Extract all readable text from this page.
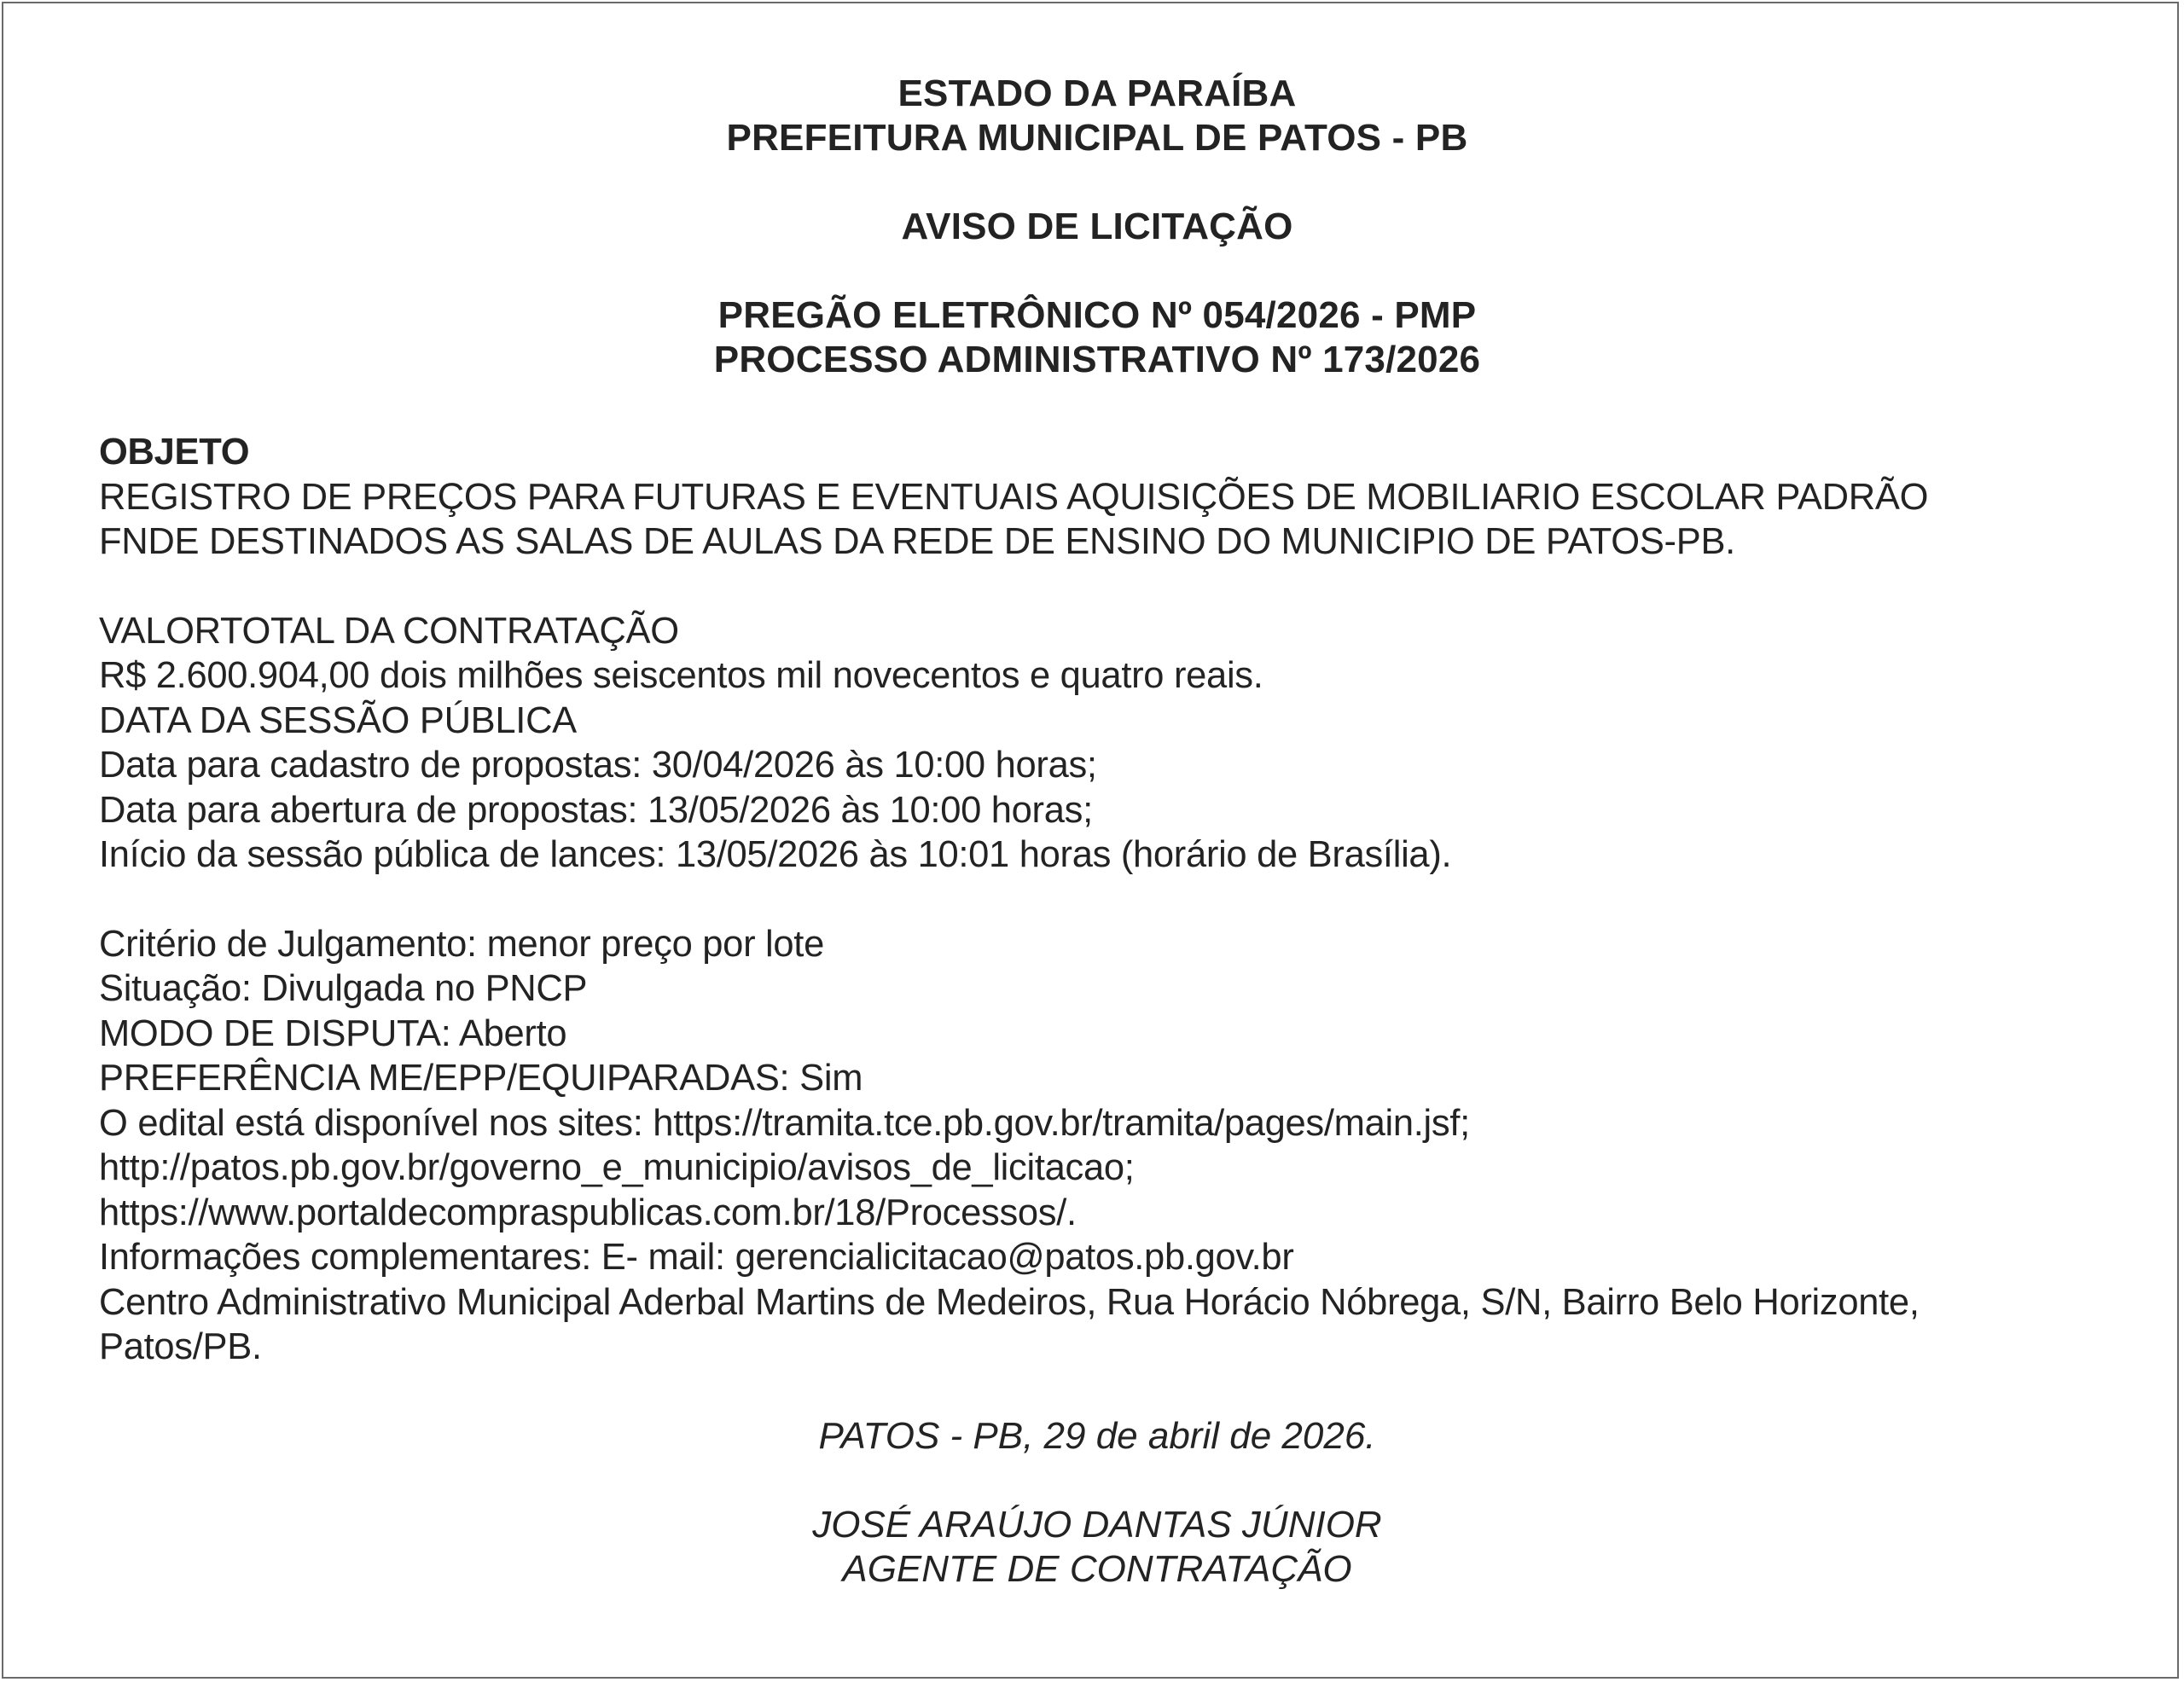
ESTADO DA PARAÍBA
PREFEITURA MUNICIPAL DE PATOS - PB
AVISO DE LICITAÇÃO
PREGÃO ELETRÔNICO Nº 054/2026 - PMP
PROCESSO ADMINISTRATIVO Nº 173/2026
OBJETO
REGISTRO DE PREÇOS PARA FUTURAS E EVENTUAIS AQUISIÇÕES DE MOBILIARIO ESCOLAR PADRÃO
FNDE DESTINADOS AS SALAS DE AULAS DA REDE DE ENSINO DO MUNICIPIO DE PATOS-PB.
VALORTOTAL DA CONTRATAÇÃO
R$ 2.600.904,00 dois milhões seiscentos mil novecentos e quatro reais.
DATA DA SESSÃO PÚBLICA
Data para cadastro de propostas: 30/04/2026 às 10:00 horas;
Data para abertura de propostas: 13/05/2026 às 10:00 horas;
Início da sessão pública de lances: 13/05/2026 às 10:01 horas (horário de Brasília).
Critério de Julgamento: menor preço por lote
Situação: Divulgada no PNCP
MODO DE DISPUTA: Aberto
PREFERÊNCIA ME/EPP/EQUIPARADAS: Sim
O edital está disponível nos sites: https://tramita.tce.pb.gov.br/tramita/pages/main.jsf;
http://patos.pb.gov.br/governo_e_municipio/avisos_de_licitacao;
https://www.portaldecompraspublicas.com.br/18/Processos/.
Informações complementares: E- mail: gerencialicitacao@patos.pb.gov.br
Centro Administrativo Municipal Aderbal Martins de Medeiros, Rua Horácio Nóbrega, S/N, Bairro Belo Horizonte,
Patos/PB.
PATOS - PB, 29 de abril de 2026.
JOSÉ ARAÚJO DANTAS JÚNIOR
AGENTE DE CONTRATAÇÃO
